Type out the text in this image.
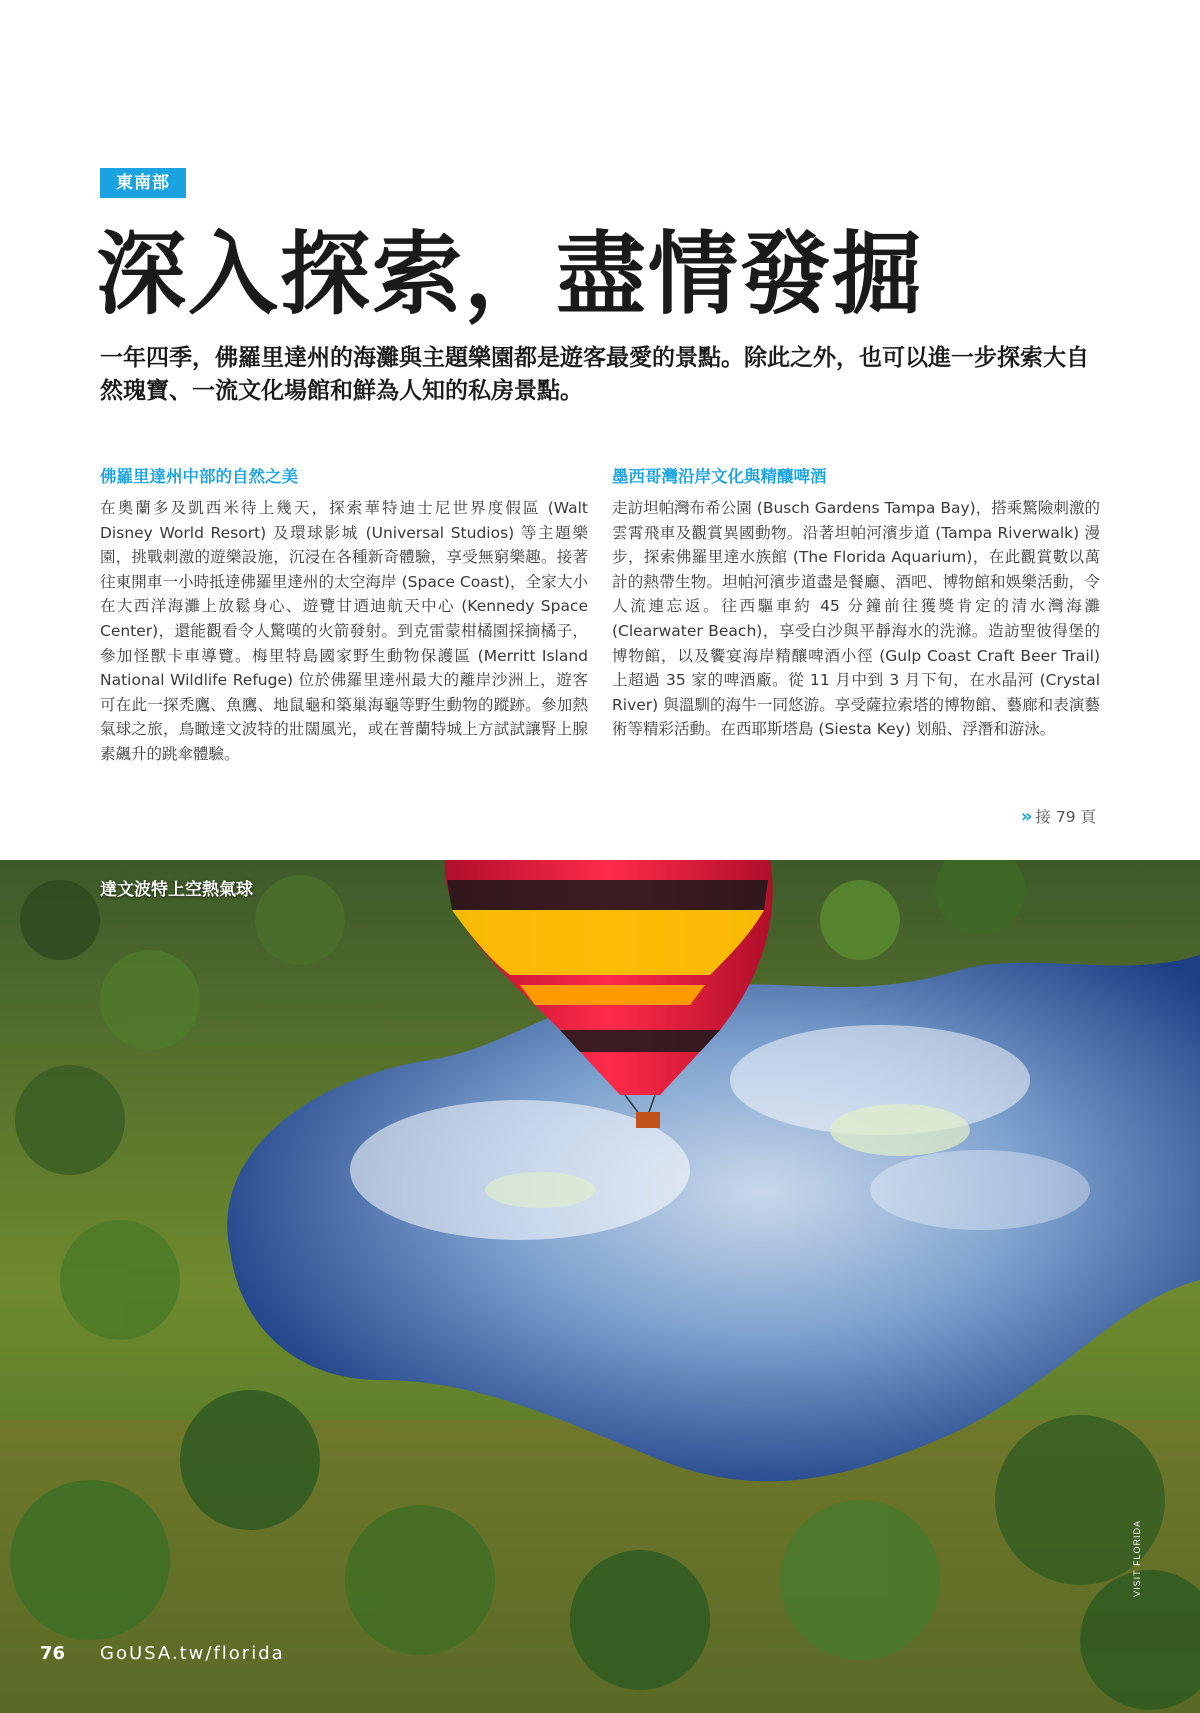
東南部
深入探索，盡情發掘

一年四季，佛羅里達州的海灘與主題樂園都是遊客最愛的景點。除此之外，也可以進一步探索大自然瑰寶、一流文化場館和鮮為人知的私房景點。

佛羅里達州中部的自然之美

在奧蘭多及凱西米待上幾天，探索華特迪士尼世界度假區 (Walt Disney World Resort) 及環球影城 (Universal Studios) 等主題樂園，挑戰刺激的遊樂設施，沉浸在各種新奇體驗，享受無窮樂趣。接著往東開車一小時抵達佛羅里達州的太空海岸 (Space Coast)，全家大小在大西洋海灘上放鬆身心、遊覽甘迺迪航天中心 (Kennedy Space Center)，還能觀看令人驚嘆的火箭發射。到克雷蒙柑橘園採摘橘子，參加怪獸卡車導覽。梅里特島國家野生動物保護區 (Merritt Island National Wildlife Refuge) 位於佛羅里達州最大的離岸沙洲上，遊客可在此一探禿鷹、魚鷹、地鼠龜和築巢海龜等野生動物的蹤跡。參加熱氣球之旅，鳥瞰達文波特的壯闊風光，或在普蘭特城上方試試讓腎上腺素飆升的跳傘體驗。

墨西哥灣沿岸文化與精釀啤酒

走訪坦帕灣布希公園 (Busch Gardens Tampa Bay)，搭乘驚險刺激的雲霄飛車及觀賞異國動物。沿著坦帕河濱步道 (Tampa Riverwalk) 漫步，探索佛羅里達水族館 (The Florida Aquarium)，在此觀賞數以萬計的熱帶生物。坦帕河濱步道盡是餐廳、酒吧、博物館和娛樂活動，令人流連忘返。往西驅車約 45 分鐘前往獲獎肯定的清水灣海灘 (Clearwater Beach)，享受白沙與平靜海水的洗滌。造訪聖彼得堡的博物館，以及饗宴海岸精釀啤酒小徑 (Gulp Coast Craft Beer Trail) 上超過 35 家的啤酒廠。從 11 月中到 3 月下旬，在水晶河 (Crystal River) 與溫馴的海牛一同悠游。享受薩拉索塔的博物館、藝廊和表演藝術等精彩活動。在西耶斯塔島 (Siesta Key) 划船、浮潛和游泳。

» 接 79 頁
達文波特上空熱氣球
VISIT FLORIDA
76 GoUSA.tw/florida
